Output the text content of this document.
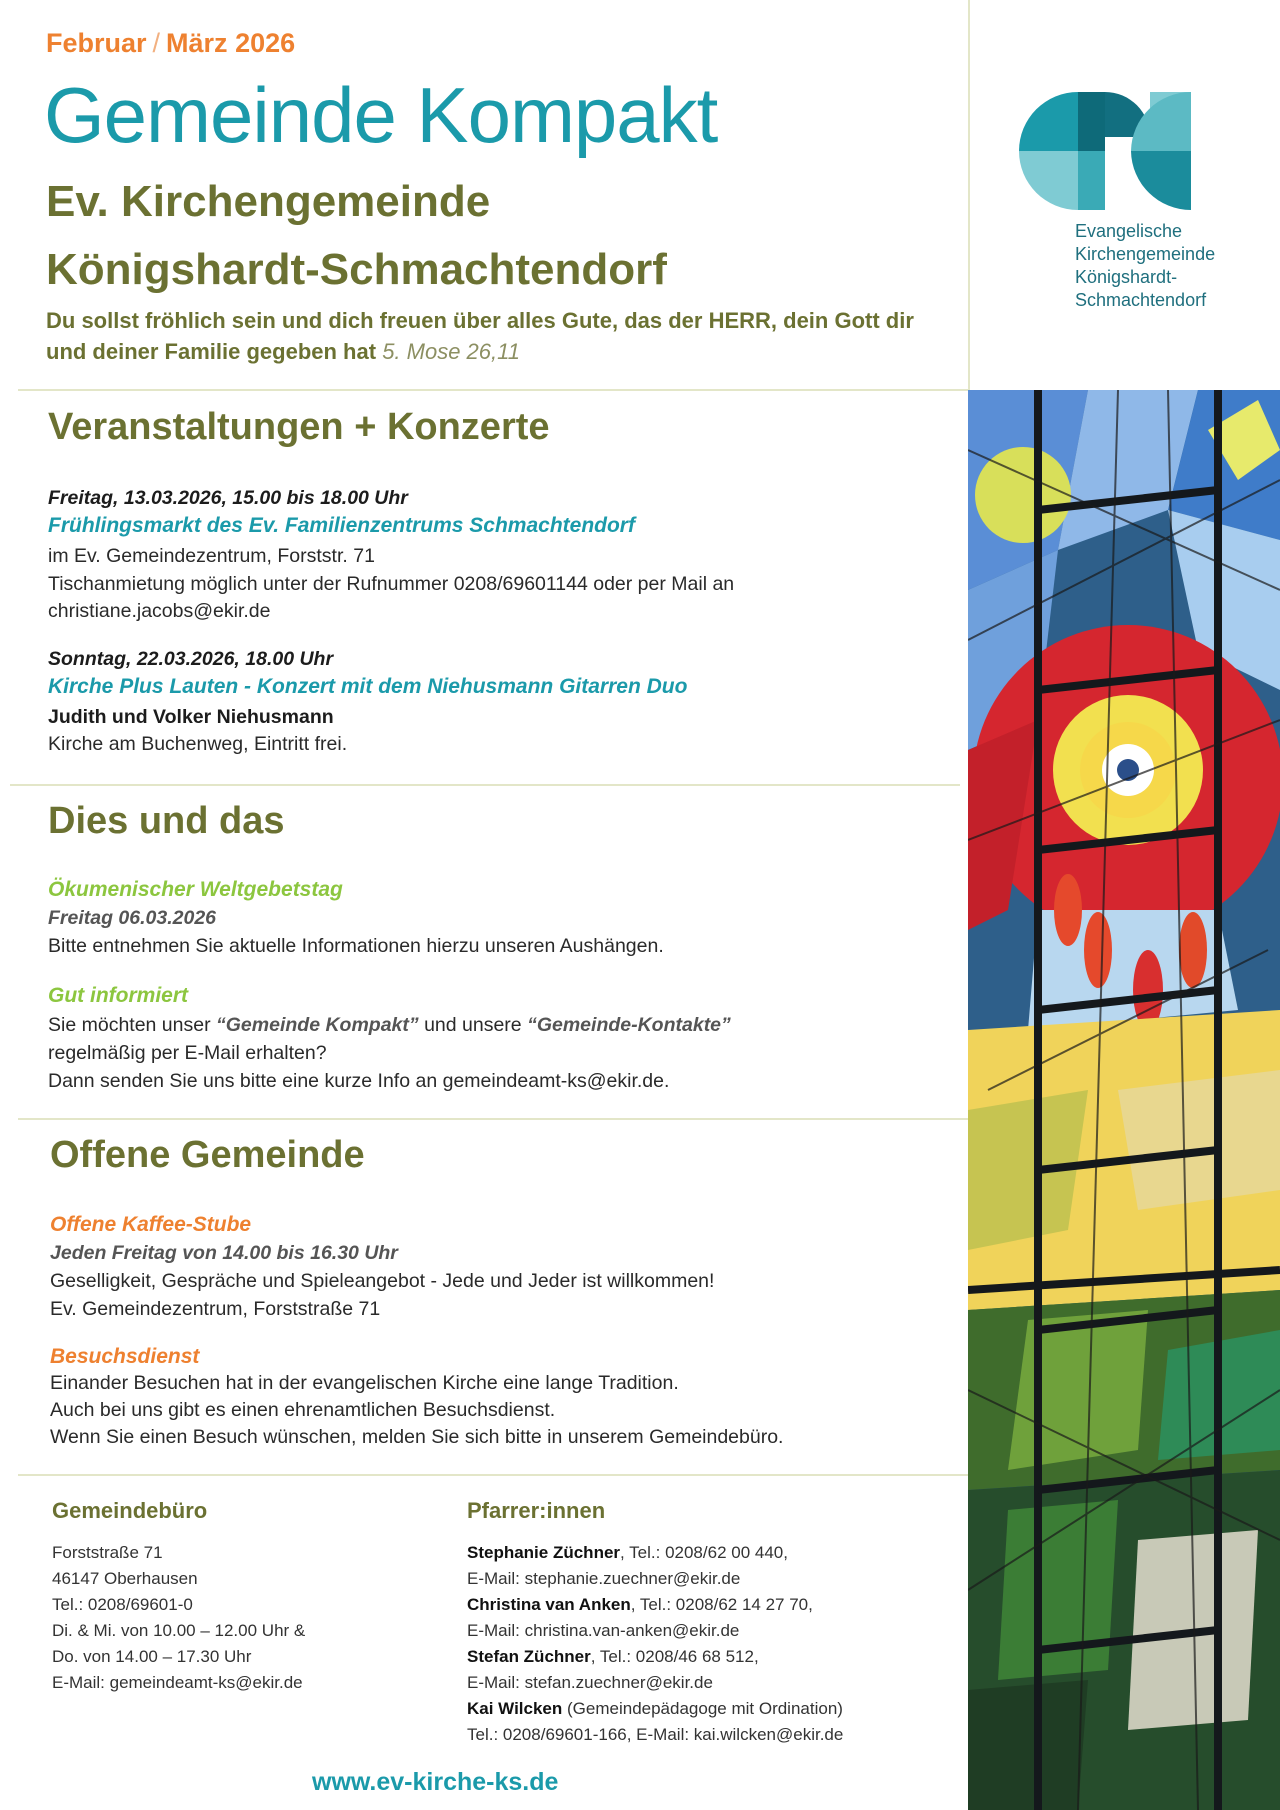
Februar / März 2026
Gemeinde Kompakt
Ev. Kirchengemeinde
Königshardt-Schmachtendorf
Du sollst fröhlich sein und dich freuen über alles Gute, das der HERR, dein Gott dir und deiner Familie gegeben hat 5. Mose 26,11
Evangelische
Kirchengemeinde
Königshardt-
Schmachtendorf
Veranstaltungen + Konzerte
Freitag, 13.03.2026, 15.00 bis 18.00 Uhr
Frühlingsmarkt des Ev. Familienzentrums Schmachtendorf
im Ev. Gemeindezentrum, Forststr. 71
Tischanmietung möglich unter der Rufnummer 0208/69601144 oder per Mail an
christiane.jacobs@ekir.de
Sonntag, 22.03.2026, 18.00 Uhr
Kirche Plus Lauten - Konzert mit dem Niehusmann Gitarren Duo
Judith und Volker Niehusmann
Kirche am Buchenweg, Eintritt frei.
Dies und das
Ökumenischer Weltgebetstag
Freitag 06.03.2026
Bitte entnehmen Sie aktuelle Informationen hierzu unseren Aushängen.
Gut informiert
Sie möchten unser “Gemeinde Kompakt” und unsere “Gemeinde-Kontakte”
regelmäßig per E-Mail erhalten?
Dann senden Sie uns bitte eine kurze Info an gemeindeamt-ks@ekir.de.
Offene Gemeinde
Offene Kaffee-Stube
Jeden Freitag von 14.00 bis 16.30 Uhr
Geselligkeit, Gespräche und Spieleangebot - Jede und Jeder ist willkommen!
Ev. Gemeindezentrum, Forststraße 71
Besuchsdienst
Einander Besuchen hat in der evangelischen Kirche eine lange Tradition.
Auch bei uns gibt es einen ehrenamtlichen Besuchsdienst.
Wenn Sie einen Besuch wünschen, melden Sie sich bitte in unserem Gemeindebüro.
Gemeindebüro
Forststraße 71
46147 Oberhausen
Tel.: 0208/69601-0
Di. & Mi. von 10.00 – 12.00 Uhr &
Do. von 14.00 – 17.30 Uhr
E-Mail: gemeindeamt-ks@ekir.de
Pfarrer:innen
Stephanie Züchner, Tel.: 0208/62 00 440,
E-Mail: stephanie.zuechner@ekir.de
Christina van Anken, Tel.: 0208/62 14 27 70,
E-Mail: christina.van-anken@ekir.de
Stefan Züchner, Tel.: 0208/46 68 512,
E-Mail: stefan.zuechner@ekir.de
Kai Wilcken (Gemeindepädagoge mit Ordination)
Tel.: 0208/69601-166, E-Mail: kai.wilcken@ekir.de
www.ev-kirche-ks.de
